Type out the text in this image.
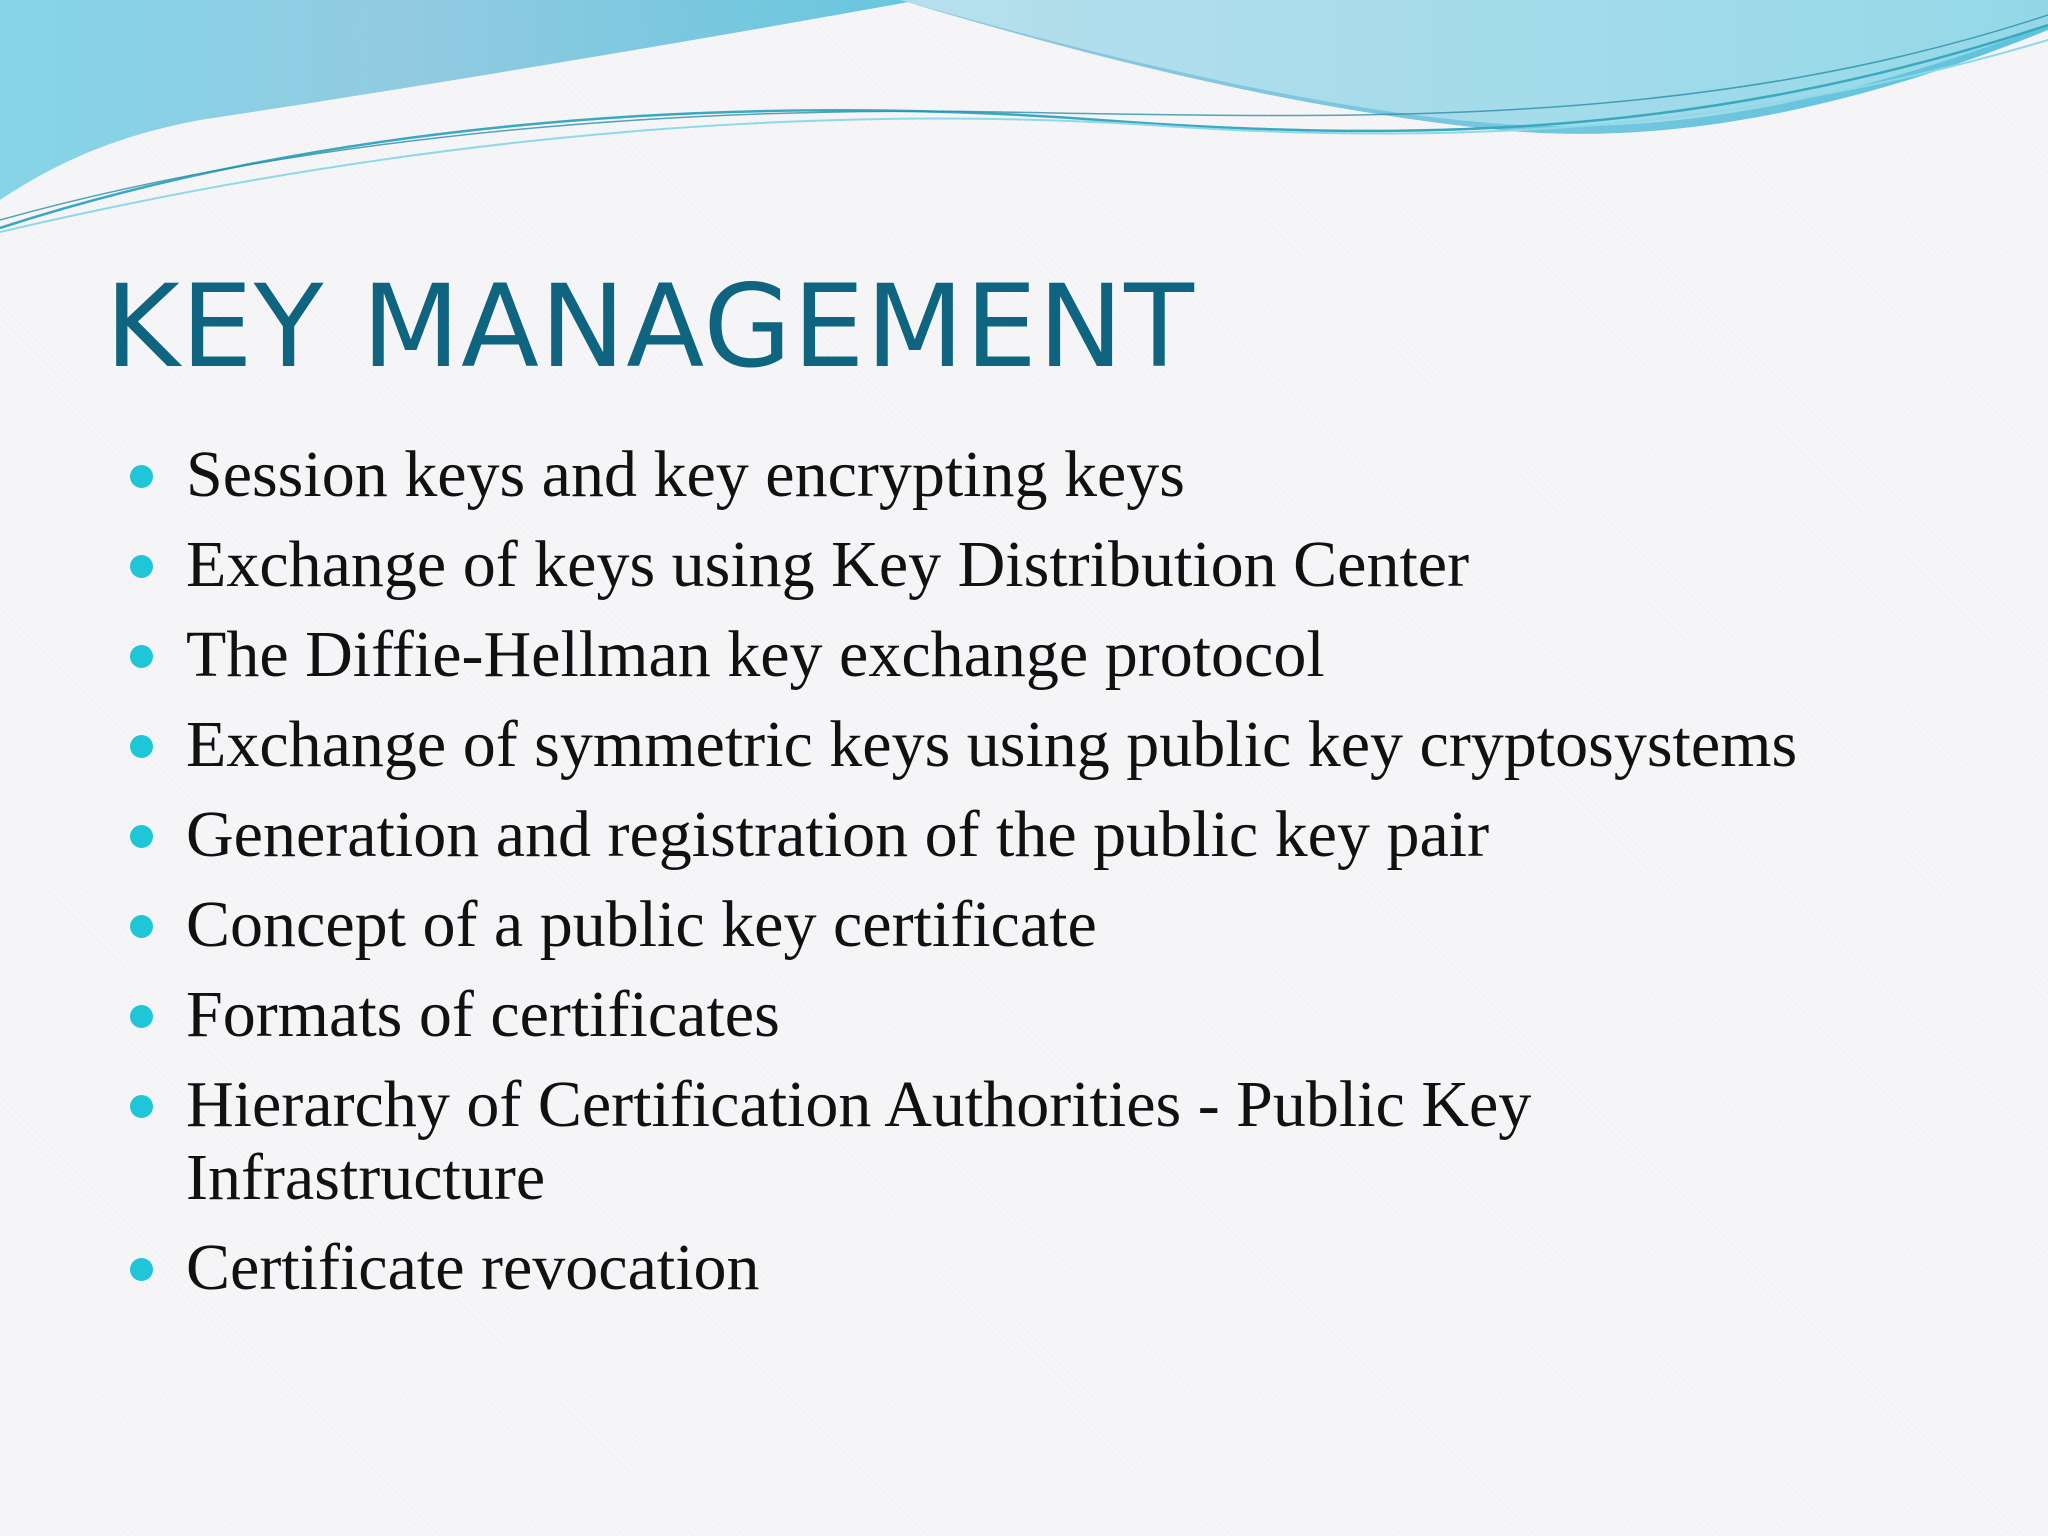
KEY MANAGEMENT
Session keys and key encrypting keys
Exchange of keys using Key Distribution Center
The Diffie-Hellman key exchange protocol
Exchange of symmetric keys using public key cryptosystems
Generation and registration of the public key pair
Concept of a public key certificate
Formats of certificates
Hierarchy of Certification Authorities - Public Key Infrastructure
Certificate revocation
